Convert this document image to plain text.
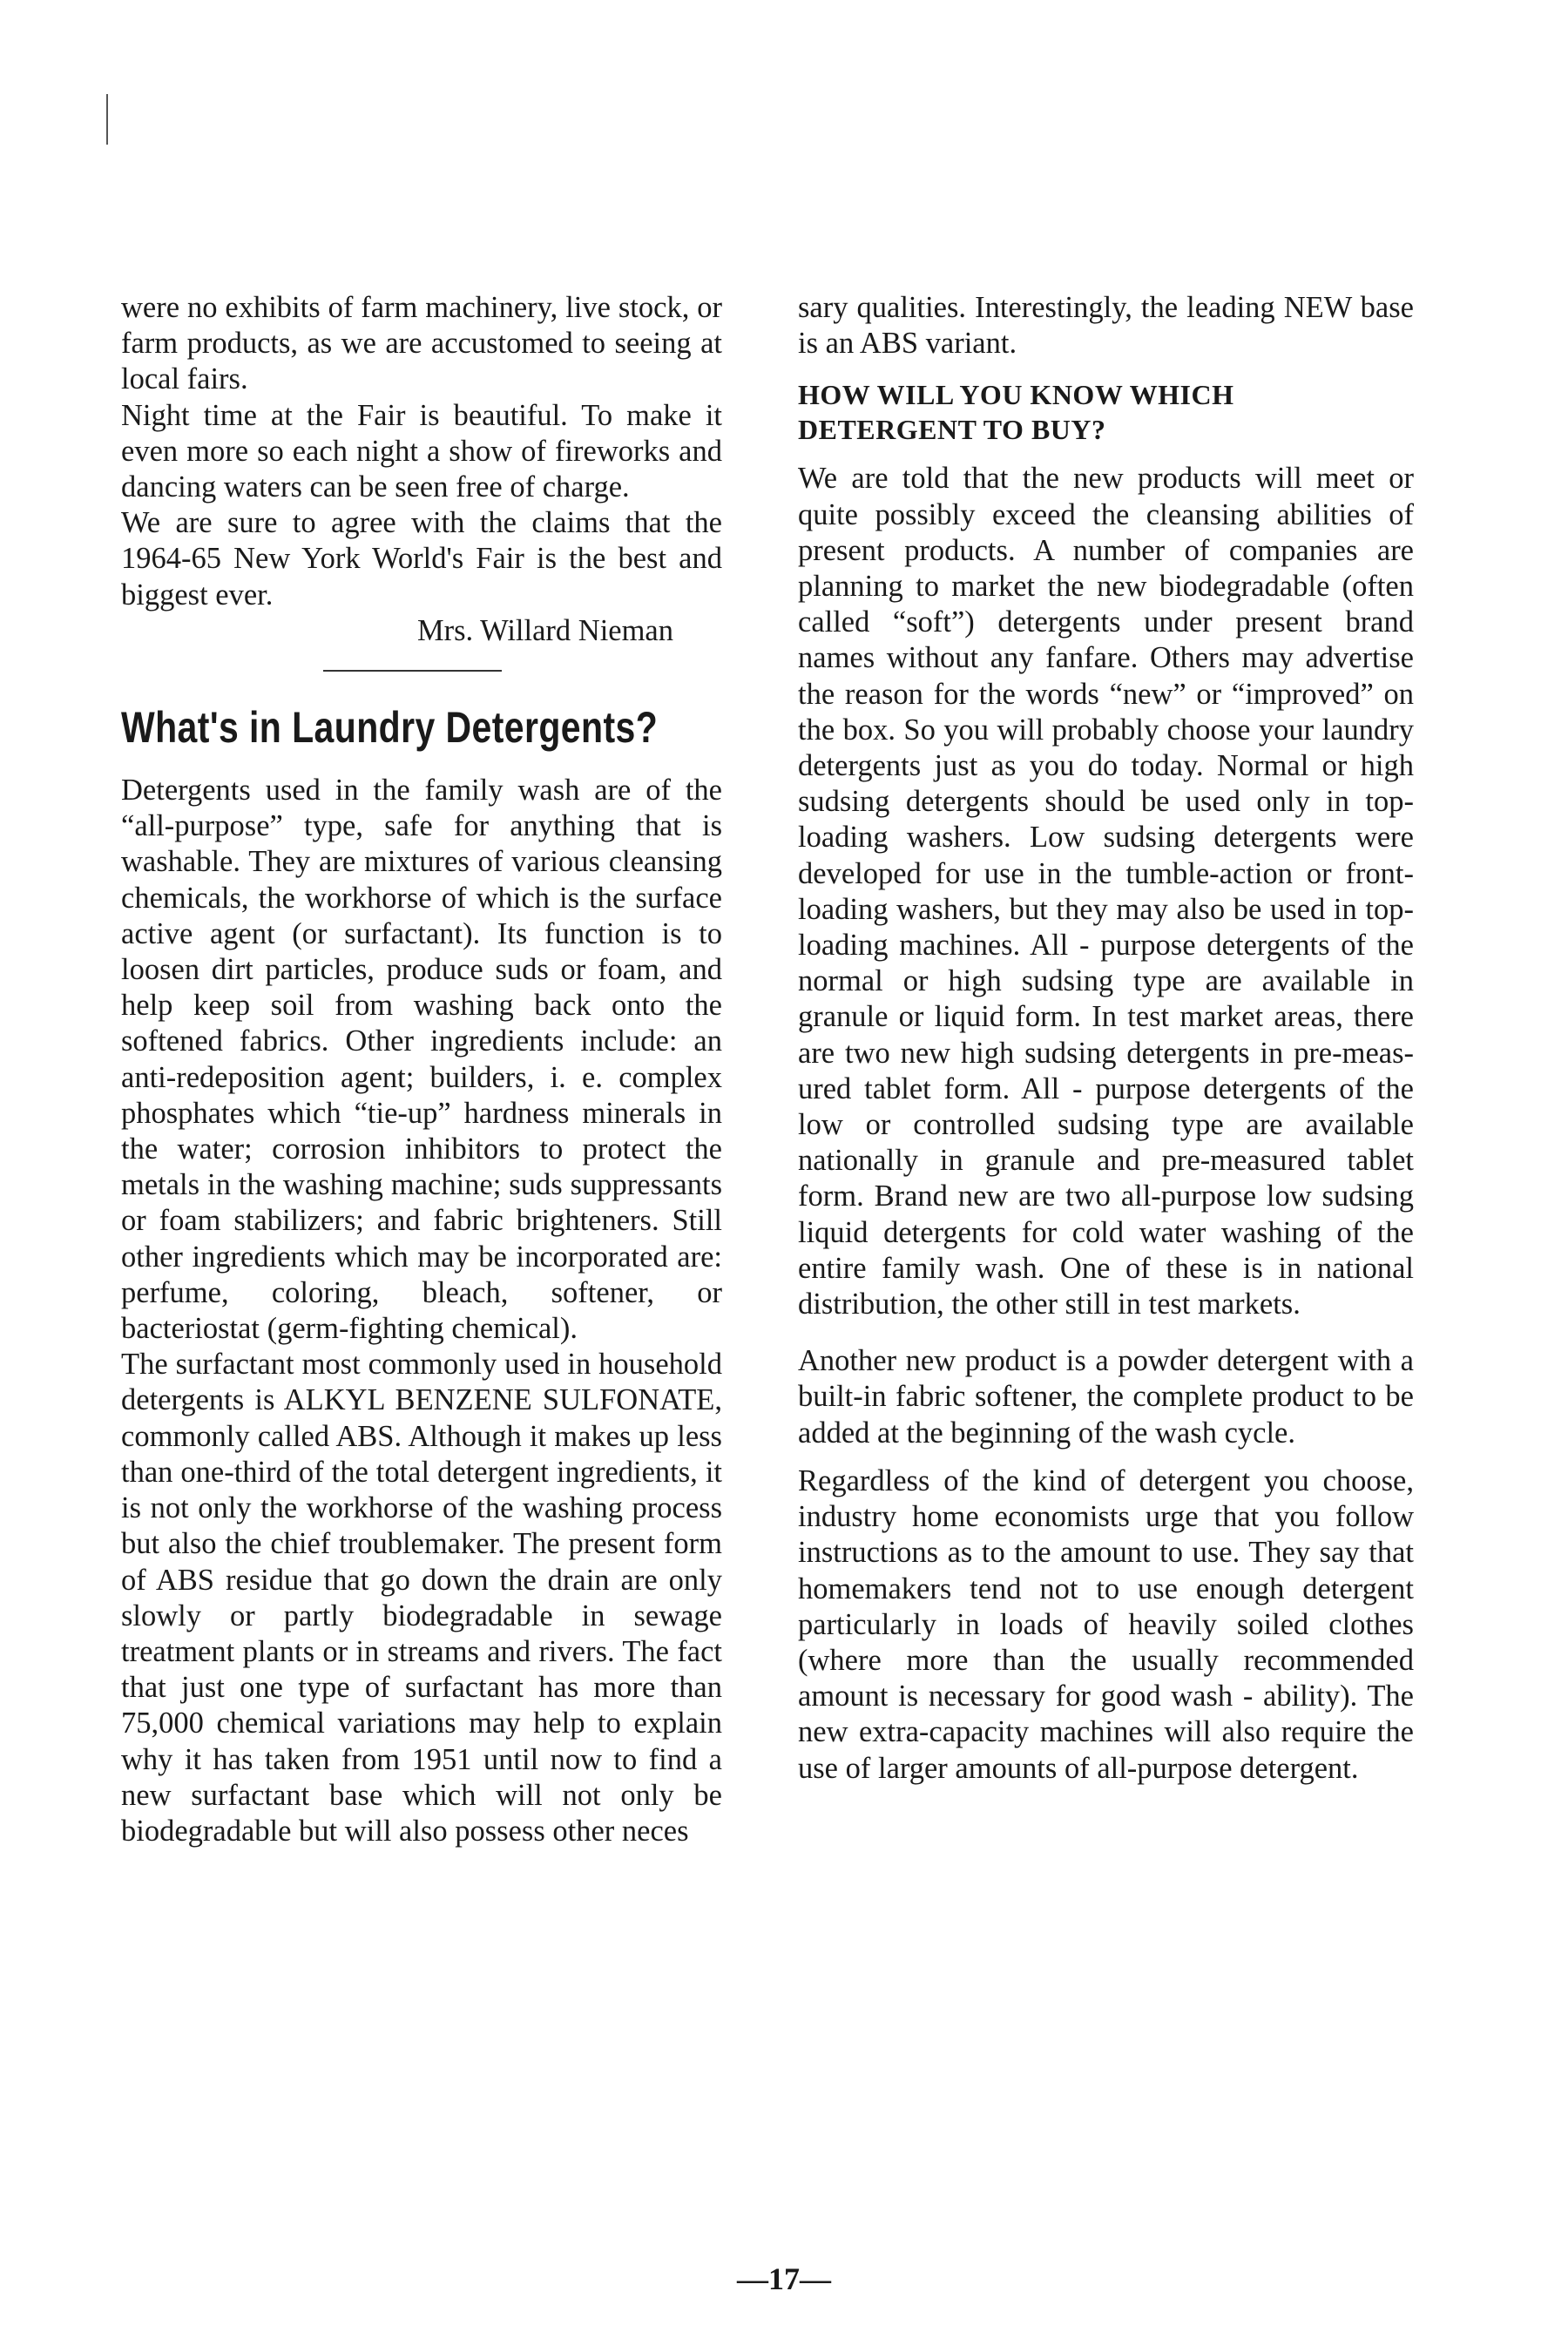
were no exhibits of farm machinery, live stock, or farm products, as we are accustomed to seeing at local fairs.

Night time at the Fair is beautiful. To make it even more so each night a show of fireworks and dancing waters can be seen free of charge.

We are sure to agree with the claims that the 1964-65 New York World's Fair is the best and biggest ever.

Mrs. Willard Nieman

What's in Laundry Detergents?

Detergents used in the family wash are of the “all-purpose” type, safe for anything that is washable. They are mixtures of various cleansing chemicals, the workhorse of which is the surface active agent (or surfactant). Its function is to loosen dirt particles, produce suds or foam, and help keep soil from washing back onto the softened fabrics. Other ingredients include: an anti-redeposition agent; builders, i. e. complex phosphates which “tie-up” hardness minerals in the water; corrosion inhibitors to protect the metals in the washing machine; suds suppressants or foam stabilizers; and fabric brighteners. Still other ingredients which may be incorporated are: perfume, coloring, bleach, softener, or bacteriostat (germ-fighting chemical).

The surfactant most commonly used in household detergents is ALKYL BENZENE SULFONATE, commonly called ABS. Although it makes up less than one-third of the total detergent ingredients, it is not only the workhorse of the washing process but also the chief troublemaker. The present form of ABS residue that go down the drain are only slowly or partly biodegradable in sewage treatment plants or in streams and rivers. The fact that just one type of surfactant has more than 75,000 chemical variations may help to explain why it has taken from 1951 until now to find a new surfactant base which will not only be biodegradable but will also possess other neces

sary qualities. Interestingly, the leading NEW base is an ABS variant.

HOW WILL YOU KNOW WHICH DETERGENT TO BUY?

We are told that the new products will meet or quite possibly exceed the cleansing abilities of present products. A number of companies are planning to market the new biodegradable (often called “soft”) detergents under present brand names without any fanfare. Others may advertise the reason for the words “new” or “improved” on the box. So you will probably choose your laundry detergents just as you do today. Normal or high sudsing detergents should be used only in top-loading washers. Low sudsing detergents were developed for use in the tumble-action or front-loading washers, but they may also be used in top-loading machines. All - purpose detergents of the normal or high sudsing type are available in granule or liquid form. In test market areas, there are two new high sudsing detergents in pre-measured tablet form. All - purpose detergents of the low or controlled sudsing type are available nationally in granule and pre-measured tablet form. Brand new are two all-purpose low sudsing liquid detergents for cold water washing of the entire family wash. One of these is in national distribution, the other still in test markets.

Another new product is a powder detergent with a built-in fabric softener, the complete product to be added at the beginning of the wash cycle.

Regardless of the kind of detergent you choose, industry home economists urge that you follow instructions as to the amount to use. They say that homemakers tend not to use enough detergent particularly in loads of heavily soiled clothes (where more than the usually recommended amount is necessary for good wash - ability). The new extra-capacity machines will also require the use of larger amounts of all-purpose detergent.

—17—
